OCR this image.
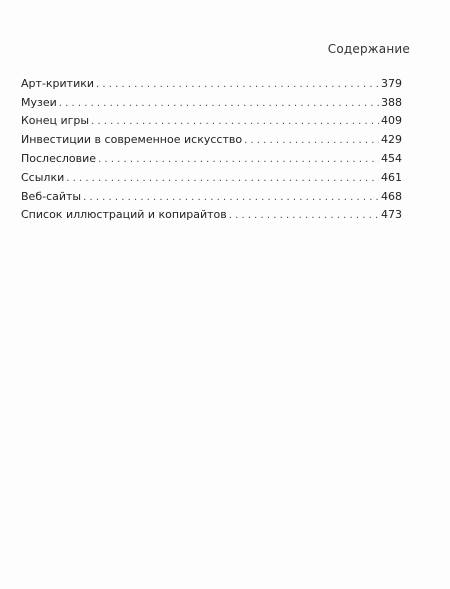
Содержание
Арт-критики . . .	379
Музеи . . .	388
Конец игры . . .	409
Инвестиции в современное искусство . . .	429
Послесловие . . .	454
Ссылки . . .	461
Веб-сайты . . .	468
Список иллюстраций и копирайтов . . .	473
